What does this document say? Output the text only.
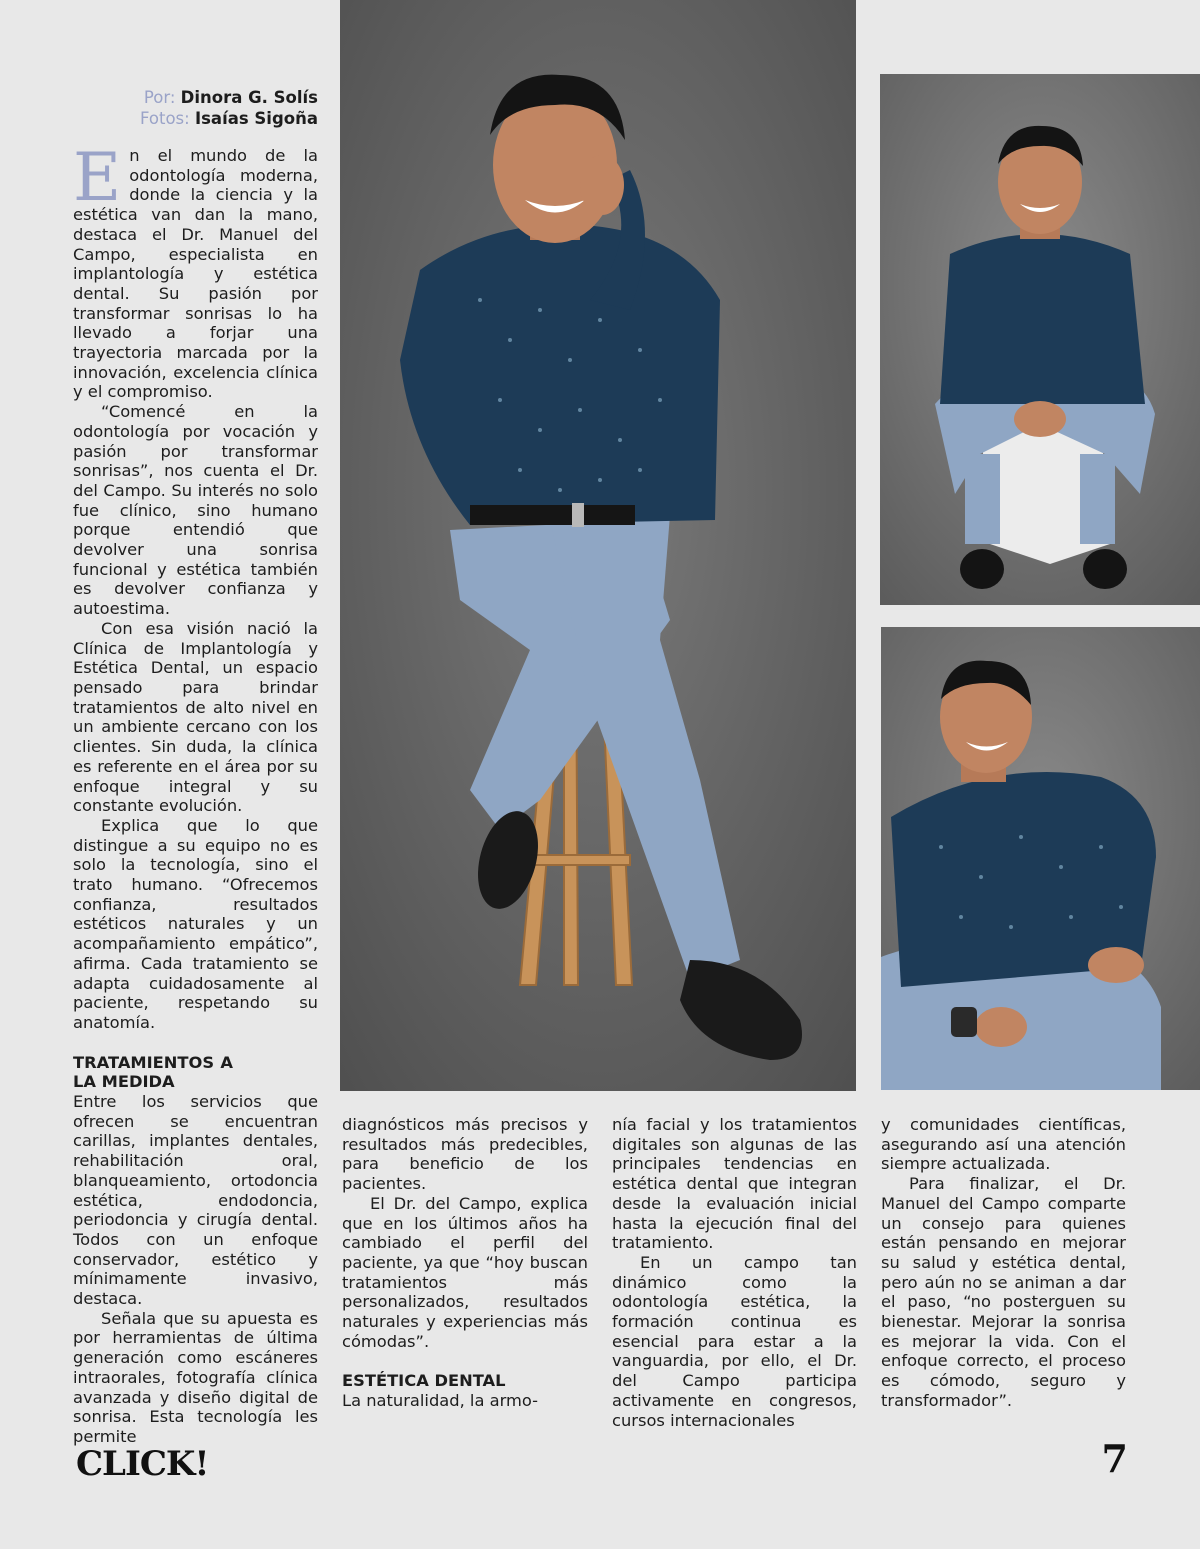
Por: Dinora G. Solís
Fotos: Isaías Sigoña

En el mundo de la odontología moderna, donde la ciencia y la estética van dan la mano, destaca el Dr. Manuel del Campo, especialista en implantología y estética dental. Su pasión por transformar sonrisas lo ha llevado a forjar una trayectoria marcada por la innovación, excelencia clínica y el compromiso.

“Comencé en la odontología por vocación y pasión por transformar sonrisas”, nos cuenta el Dr. del Campo. Su interés no solo fue clínico, sino humano porque entendió que devolver una sonrisa funcional y estética también es devolver confianza y autoestima.

Con esa visión nació la Clínica de Implantología y Estética Dental, un espacio pensado para brindar tratamientos de alto nivel en un ambiente cercano con los clientes. Sin duda, la clínica es referente en el área por su enfoque integral y su constante evolución.

Explica que lo que distingue a su equipo no es solo la tecnología, sino el trato humano. “Ofrecemos confianza, resultados estéticos naturales y un acompañamiento empático”, afirma. Cada tratamiento se adapta cuidadosamente al paciente, respetando su anatomía.

TRATAMIENTOS A LA MEDIDA

Entre los servicios que ofrecen se encuentran carillas, implantes dentales, rehabilitación oral, blanqueamiento, ortodoncia estética, endodoncia, periodoncia y cirugía dental. Todos con un enfoque conservador, estético y mínimamente invasivo, destaca.

Señala que su apuesta es por herramientas de última generación como escáneres intraorales, fotografía clínica avanzada y diseño digital de sonrisa. Esta tecnología les permite

diagnósticos más precisos y resultados más predecibles, para beneficio de los pacientes.

El Dr. del Campo, explica que en los últimos años ha cambiado el perfil del paciente, ya que “hoy buscan tratamientos más personalizados, resultados naturales y experiencias más cómodas”.

ESTÉTICA DENTAL

La naturalidad, la armo-

nía facial y los tratamientos digitales son algunas de las principales tendencias en estética dental que integran desde la evaluación inicial hasta la ejecución final del tratamiento.

En un campo tan dinámico como la odontología estética, la formación continua es esencial para estar a la vanguardia, por ello, el Dr. del Campo participa activamente en congresos, cursos internacionales

y comunidades científicas, asegurando así una atención siempre actualizada.

Para finalizar, el Dr. Manuel del Campo comparte un consejo para quienes están pensando en mejorar su salud y estética dental, pero aún no se animan a dar el paso, “no posterguen su bienestar. Mejorar la sonrisa es mejorar la vida. Con el enfoque correcto, el proceso es cómodo, seguro y transformador”.

CLICK!	7
